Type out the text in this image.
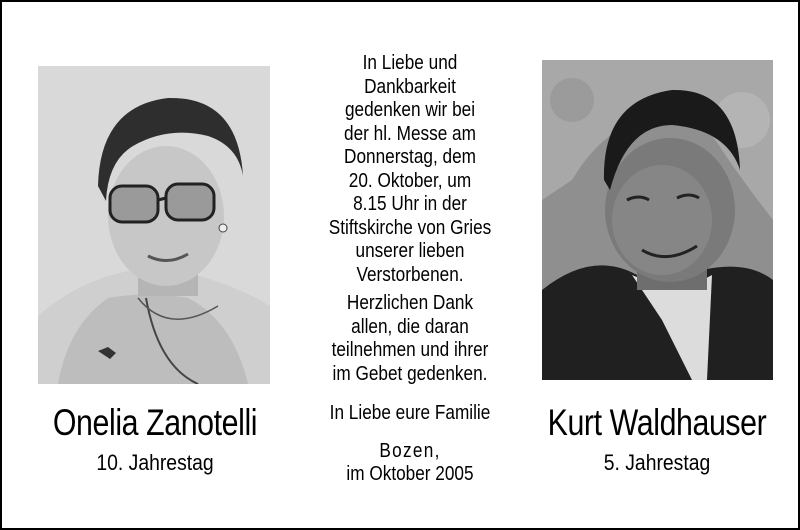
Onelia Zanotelli
10. Jahrestag
Kurt Waldhauser
5. Jahrestag
In Liebe und
Dankbarkeit
gedenken wir bei
der hl. Messe am
Donnerstag, dem
20. Oktober, um
8.15 Uhr in der
Stiftskirche von Gries
unserer lieben
Verstorbenen.
Herzlichen Dank
allen, die daran
teilnehmen und ihrer
im Gebet gedenken.
In Liebe eure Familie
Bozen,
im Oktober 2005
